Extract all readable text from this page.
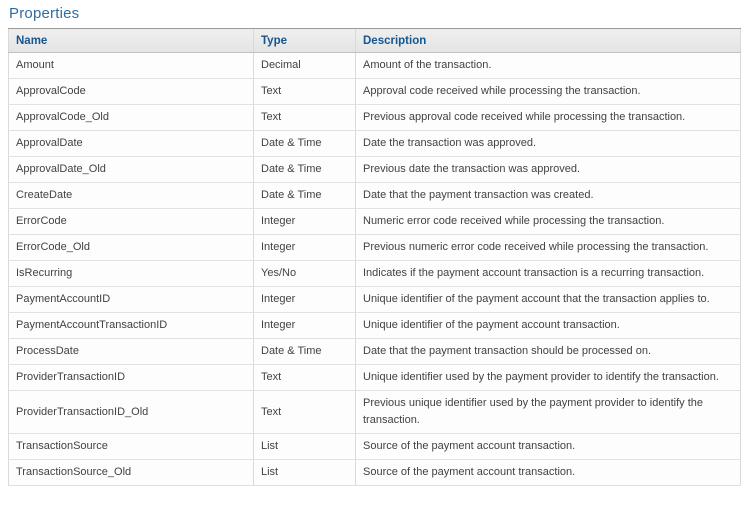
Properties
Name	Type	Description
Amount	Decimal	Amount of the transaction.
ApprovalCode	Text	Approval code received while processing the transaction.
ApprovalCode_Old	Text	Previous approval code received while processing the transaction.
ApprovalDate	Date & Time	Date the transaction was approved.
ApprovalDate_Old	Date & Time	Previous date the transaction was approved.
CreateDate	Date & Time	Date that the payment transaction was created.
ErrorCode	Integer	Numeric error code received while processing the transaction.
ErrorCode_Old	Integer	Previous numeric error code received while processing the transaction.
IsRecurring	Yes/No	Indicates if the payment account transaction is a recurring transaction.
PaymentAccountID	Integer	Unique identifier of the payment account that the transaction applies to.
PaymentAccountTransactionID	Integer	Unique identifier of the payment account transaction.
ProcessDate	Date & Time	Date that the payment transaction should be processed on.
ProviderTransactionID	Text	Unique identifier used by the payment provider to identify the transaction.
ProviderTransactionID_Old	Text	Previous unique identifier used by the payment provider to identify the transaction.
TransactionSource	List	Source of the payment account transaction.
TransactionSource_Old	List	Source of the payment account transaction.
